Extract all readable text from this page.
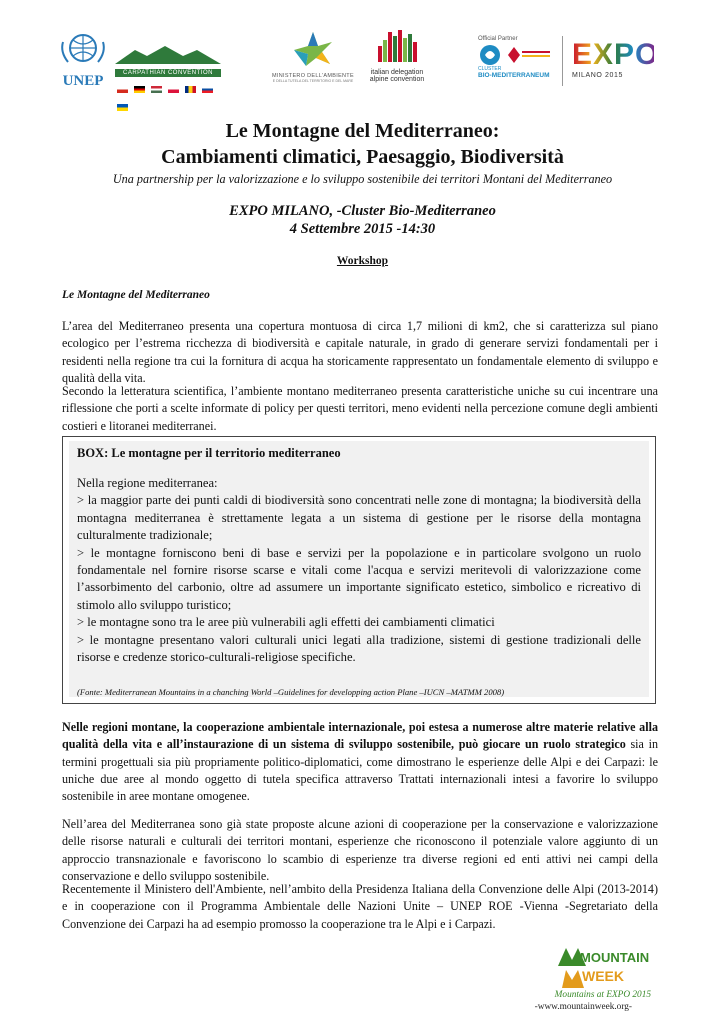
UNEP	CARPATHIAN CONVENTION
	MINISTERO DELL'AMBIENTE
E DELLA TUTELA DEL TERRITORIO E DEL MARE
italian delegation
alpine convention
Official Partner
CLUSTER
BIO-MEDITERRANEUM
EXPO
MILANO 2015
Le Montagne del Mediterraneo:
Cambiamenti climatici, Paesaggio, Biodiversità
Una partnership per la valorizzazione e lo sviluppo sostenibile dei territori Montani del Mediterraneo
EXPO MILANO, -Cluster Bio-Mediterraneo
4 Settembre 2015 -14:30
Workshop
Le Montagne del Mediterraneo
L’area del Mediterraneo presenta una copertura montuosa di circa 1,7 milioni di km2, che si caratterizza sul piano ecologico per l’estrema ricchezza di biodiversità e capitale naturale, in grado di generare servizi fondamentali per i residenti nella regione tra cui la fornitura di acqua ha storicamente rappresentato un fondamentale elemento di sviluppo e qualità della vita.
Secondo la letteratura scientifica, l’ambiente montano mediterraneo presenta caratteristiche uniche su cui incentrare una riflessione che porti a scelte informate di policy per questi territori, meno evidenti nella percezione comune degli ambienti costieri e litoranei mediterranei.
BOX: Le montagne per il territorio mediterraneo
Nella regione mediterranea:
> la maggior parte dei punti caldi di biodiversità sono concentrati nelle zone di montagna; la biodiversità della montagna mediterranea è strettamente legata a un sistema di gestione per le risorse della montagna culturalmente tradizionale;
> le montagne forniscono beni di base e servizi per la popolazione e in particolare svolgono un ruolo fondamentale nel fornire risorse scarse e vitali come l'acqua e servizi meritevoli di valorizzazione come l’assorbimento del carbonio, oltre ad assumere un importante significato estetico, simbolico e ricreativo di stimolo allo sviluppo turistico;
> le montagne sono tra le aree più vulnerabili agli effetti dei cambiamenti climatici
> le montagne presentano valori culturali unici legati alla tradizione, sistemi di gestione tradizionali delle risorse e credenze storico-culturali-religiose specifiche.
(Fonte: Mediterranean Mountains in a chanching World –Guidelines for developping action Plane –IUCN –MATMM 2008)
Nelle regioni montane, la cooperazione ambientale internazionale, poi estesa a numerose altre materie relative alla qualità della vita e all’instaurazione di un sistema di sviluppo sostenibile, può giocare un ruolo strategico sia in termini progettuali sia più propriamente politico-diplomatici, come dimostrano le esperienze delle Alpi e dei Carpazi: le uniche due aree al mondo oggetto di tutela specifica attraverso Trattati internazionali intesi a favorire lo sviluppo sostenibile in aree montane omogenee.
Nell’area del Mediterranea sono già state proposte alcune azioni di cooperazione per la conservazione e valorizzazione delle risorse naturali e culturali dei territori montani, esperienze che riconoscono il potenziale valore aggiunto di un approccio transnazionale e favoriscono lo scambio di esperienze tra diverse regioni ed enti attivi nei campi della conservazione e dello sviluppo sostenibile.
Recentemente il Ministero dell'Ambiente, nell’ambito della Presidenza Italiana della Convenzione delle Alpi (2013-2014) e in cooperazione con il Programma Ambientale delle Nazioni Unite – UNEP ROE -Vienna -Segretariato della Convenzione dei Carpazi ha ad esempio promosso la cooperazione tra le Alpi e i Carpazi.
MOUNTAIN
WEEK
Mountains at EXPO 2015
-www.mountainweek.org-
